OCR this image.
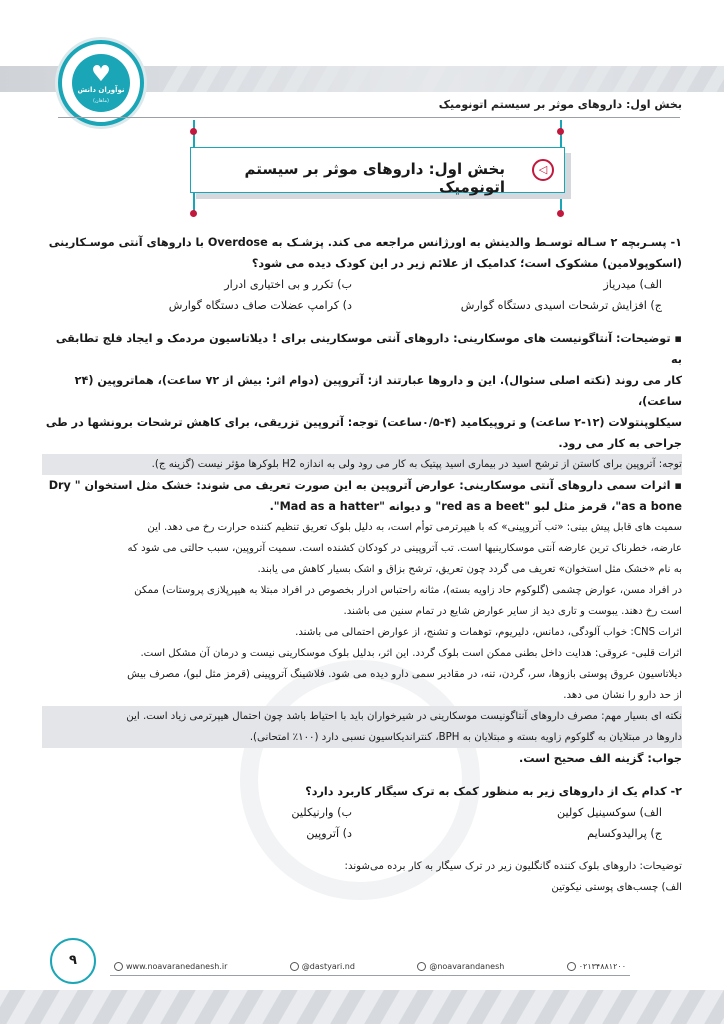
♥
نوآوران دانش
(ماهان)	بخش اول: داروهای موثر بر سیستم اتونومیک
بخش اول: داروهای موثر بر سیستم اتونومیک
◁
۱- پسـربچه ۲ سـاله توسـط والدینش به اورژانس مراجعه می کند. پزشـک به Overdose با داروهای آنتی موسـکارینی
(اسکوپولامین) مشکوک است؛ کدامیک از علائم زیر در این کودک دیده می شود؟
الف) میدریاز
ب) تکرر و بی اختیاری ادرار
ج) افزایش ترشحات اسیدی دستگاه گوارش
د) کرامپ عضلات صاف دستگاه گوارش
▪ توضیحات: آنتاگونیست های موسکارینی: داروهای آنتی موسکارینی برای ! دیلاتاسیون مردمک و ایجاد فلج تطابقی به
کار می روند (نکته اصلی سئوال). این و داروها عبارتند از: آتروپین (دوام اثر: بیش از ۷۲ ساعت)، هماتروپین (۲۴ ساعت)،
سیکلوپنتولات (۱۲-۲ ساعت) و تروپیکامید (۴-۰/۵ساعت) توجه: آتروپین تزریقی، برای کاهش ترشحات برونشها در طی
جراحی به کار می رود.
توجه: آتروپین برای کاستن از ترشح اسید در بیماری اسید پپتیک به کار می رود ولی به اندازه H2 بلوکرها مؤثر نیست (گزینه ج).
▪ اثرات سمی داروهای آنتی موسکارینی: عوارض آتروپین به این صورت تعریف می شوند: خشک مثل استخوان " Dry
as a bone"، قرمز مثل لبو "red as a beet" و دیوانه "Mad as a hatter".
سمیت های قابل پیش بینی: «تب آتروپینی» که با هیپرترمی توأم است، به دلیل بلوک تعریق تنظیم کننده حرارت رخ می دهد. این
عارضه، خطرناک ترین عارضه آنتی موسکارینیها است. تب آتروپینی در کودکان کشنده است. سمیت آتروپین، سبب حالتی می شود که
به نام «خشک مثل استخوان» تعریف می گردد چون تعریق، ترشح بزاق و اشک بسیار کاهش می یابند.
در افراد مسن، عوارض چشمی (گلوکوم حاد زاویه بسته)، مثانه راحتباس ادرار بخصوص در افراد مبتلا به هیپرپلازی پروستات) ممکن
است رخ دهند. یبوست و تاری دید از سایر عوارض شایع در تمام سنین می باشند.
اثرات CNS: خواب آلودگی، دمانس، دلیریوم، توهمات و تشنج، از عوارض احتمالی می باشند.
اثرات قلبی- عروقی: هدایت داخل بطنی ممکن است بلوک گردد. این اثر، بدلیل بلوک موسکارینی نیست و درمان آن مشکل است.
دیلاتاسیون عروق پوستی بازوها، سر، گردن، تنه، در مقادیر سمی دارو دیده می شود. فلاشینگ آتروپینی (قرمز مثل لبو)، مصرف بیش
از حد دارو را نشان می دهد.
نکته ای بسیار مهم: مصرف داروهای آنتاگونیست موسکارینی در شیرخواران باید با احتیاط باشد چون احتمال هیپرترمی زیاد است. این
داروها در مبتلایان به گلوکوم زاویه بسته و مبتلایان به BPH، کنتراندیکاسیون نسبی دارد (۱۰۰٪ امتحانی).
جواب: گزینه الف صحیح است.
۲- کدام یک از داروهای زیر به منظور کمک به ترک سیگار کاربرد دارد؟
الف) سوکسینیل کولین
ب) وارنیکلین
ج) پرالیدوکسایم
د) آتروپین
توضیحات: داروهای بلوک کننده گانگلیون زیر در ترک سیگار به کار برده می‌شوند:
الف) چسب‌های پوستی نیکوتین
www.noavaranedanesh.ir	@dastyari.nd	@noavarandanesh	۰۲۱۳۴۸۸۱۲۰۰
۹
